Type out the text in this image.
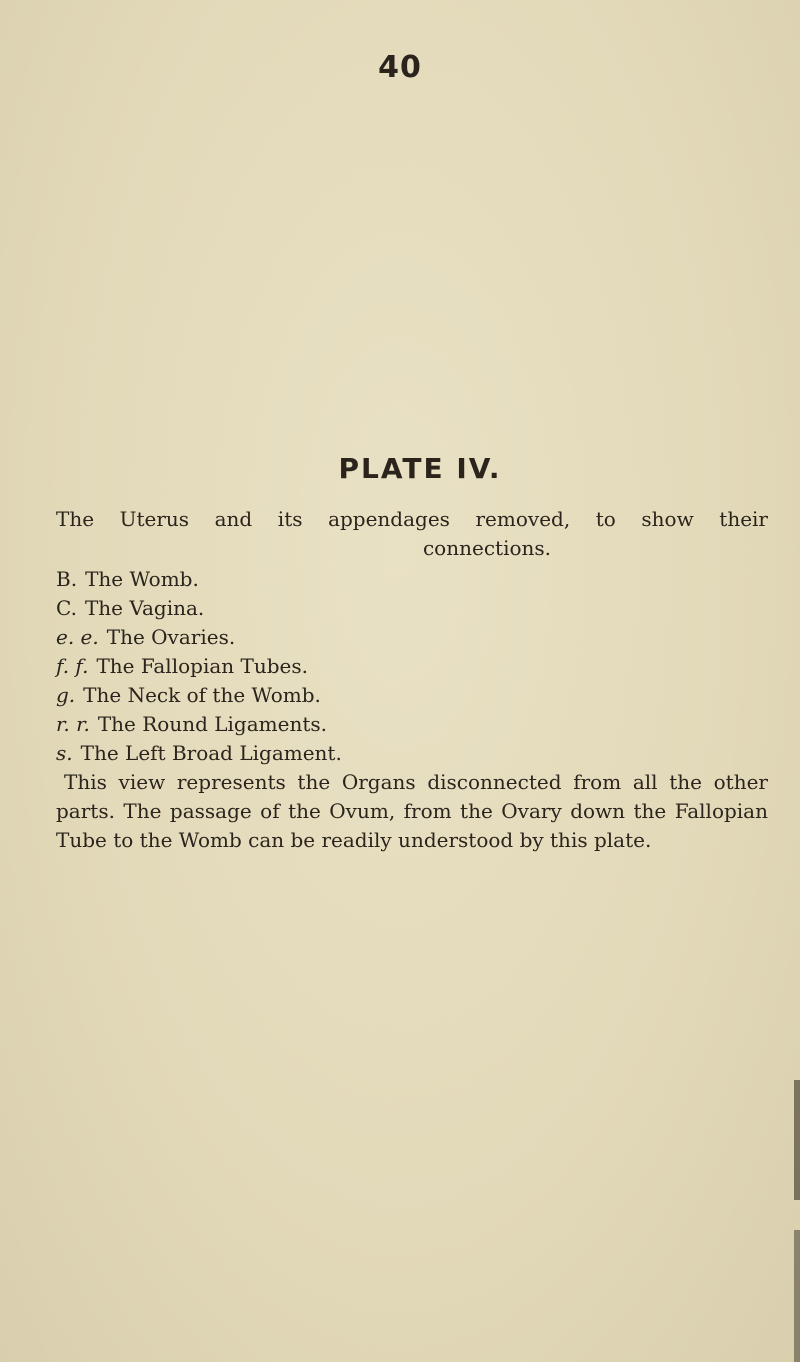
40
PLATE IV.
The Uterus and its appendages removed, to show their
connections.
B. The Womb.
C. The Vagina.
e. e. The Ovaries.
f. f. The Fallopian Tubes.
g. The Neck of the Womb.
r. r. The Round Ligaments.
s. The Left Broad Ligament.
This view represents the Organs disconnected from all the other parts. The passage of the Ovum, from the Ovary down the Fallopian Tube to the Womb can be readily understood by this plate.
